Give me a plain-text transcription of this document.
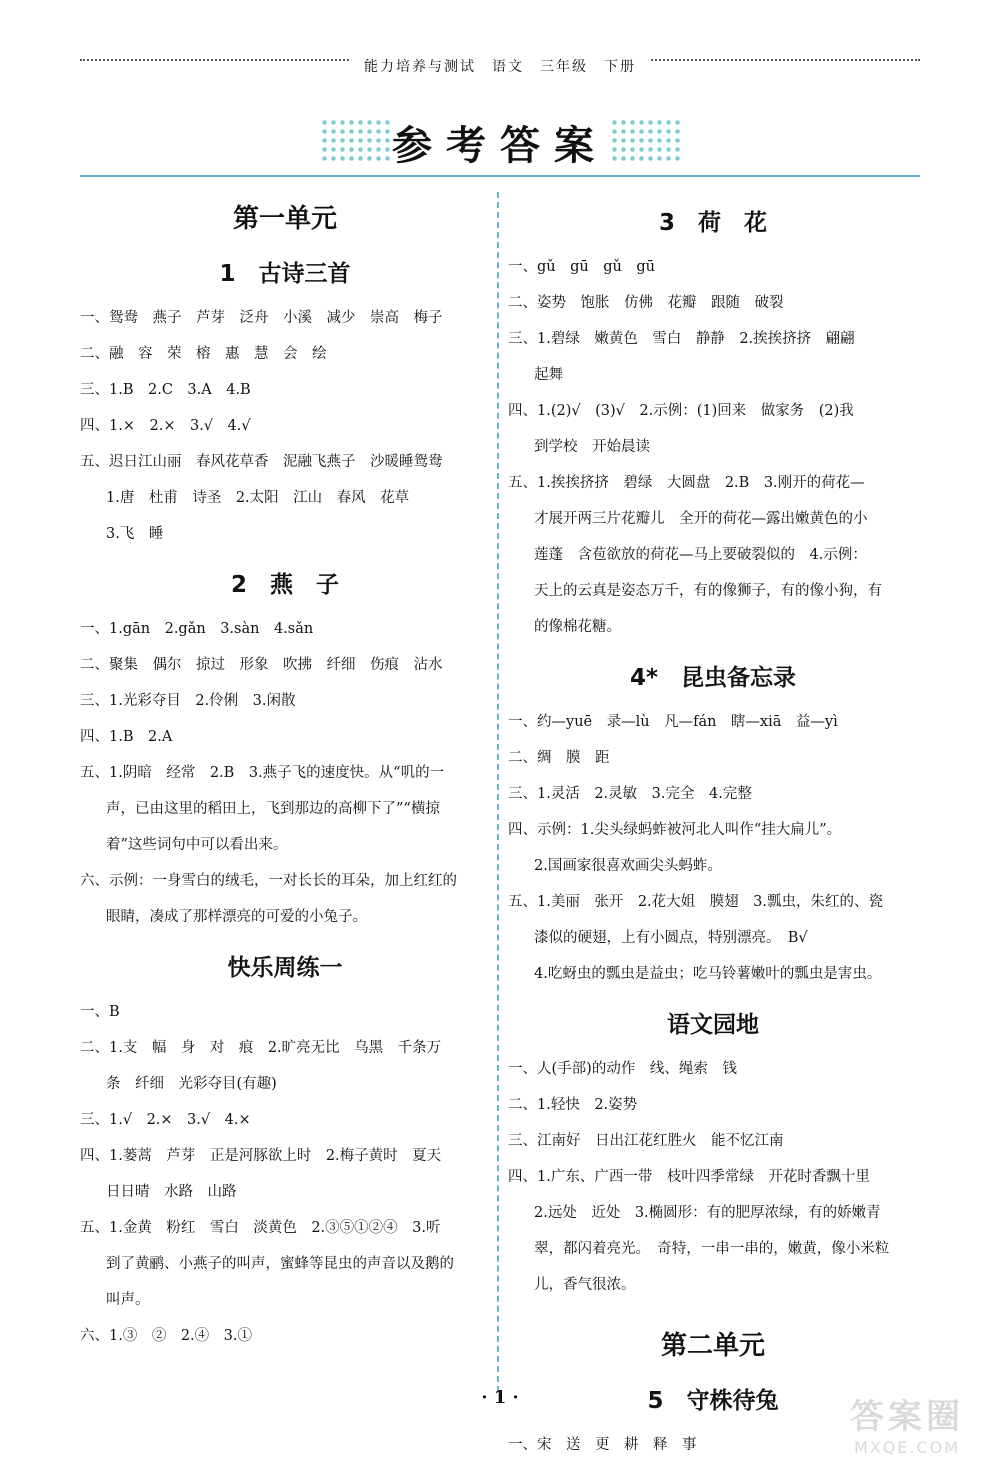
能力培养与测试　语文　三年级　下册
参考答案
第一单元
1　古诗三首
一、鸳鸯　燕子　芦芽　泛舟　小溪　减少　崇高　梅子
二、融　容　荣　榕　惠　慧　会　绘
三、1.B　2.C　3.A　4.B
四、1.×　2.×　3.√　4.√
五、迟日江山丽　春风花草香　泥融飞燕子　沙暖睡鸳鸯
1.唐　杜甫　诗圣　2.太阳　江山　春风　花草
3.飞　睡
2　燕　子
一、1.gān　2.gǎn　3.sàn　4.sǎn
二、聚集　偶尔　掠过　形象　吹拂　纤细　伤痕　沾水
三、1.光彩夺目　2.伶俐　3.闲散
四、1.B　2.A
五、1.阴暗　经常　2.B　3.燕子飞的速度快。从“叽的一
声，已由这里的稻田上，飞到那边的高柳下了”“横掠
着”这些词句中可以看出来。
六、示例：一身雪白的绒毛，一对长长的耳朵，加上红红的
眼睛，凑成了那样漂亮的可爱的小兔子。
快乐周练一
一、B
二、1.支　幅　身　对　痕　2.旷亮无比　乌黑　千条万
条　纤细　光彩夺目(有趣)
三、1.√　2.×　3.√　4.×
四、1.蒌蒿　芦芽　正是河豚欲上时　2.梅子黄时　夏天
日日晴　水路　山路
五、1.金黄　粉红　雪白　淡黄色　2.③⑤①②④　3.听
到了黄鹂、小燕子的叫声，蜜蜂等昆虫的声音以及鹅的
叫声。
六、1.③　②　2.④　3.①
3　荷　花
一、gǔ　gū　gǔ　gū
二、姿势　饱胀　仿佛　花瓣　跟随　破裂
三、1.碧绿　嫩黄色　雪白　静静　2.挨挨挤挤　翩翩
起舞
四、1.(2)√　(3)√　2.示例：(1)回来　做家务　(2)我
到学校　开始晨读
五、1.挨挨挤挤　碧绿　大圆盘　2.B　3.刚开的荷花—
才展开两三片花瓣儿　全开的荷花—露出嫩黄色的小
莲蓬　含苞欲放的荷花—马上要破裂似的　4.示例：
天上的云真是姿态万千，有的像狮子，有的像小狗，有
的像棉花糖。
4*　昆虫备忘录
一、约—yuē　录—lù　凡—fán　瞎—xiā　益—yì
二、绸　膜　距
三、1.灵活　2.灵敏　3.完全　4.完整
四、示例：1.尖头绿蚂蚱被河北人叫作“挂大扁儿”。
2.国画家很喜欢画尖头蚂蚱。
五、1.美丽　张开　2.花大姐　膜翅　3.瓢虫，朱红的、瓷
漆似的硬翅，上有小圆点，特别漂亮。　B√
4.吃蚜虫的瓢虫是益虫；吃马铃薯嫩叶的瓢虫是害虫。
语文园地
一、人(手部)的动作　线、绳索　钱
二、1.轻快　2.姿势
三、江南好　日出江花红胜火　能不忆江南
四、1.广东、广西一带　枝叶四季常绿　开花时香飘十里
2.远处　近处　3.椭圆形：有的肥厚浓绿，有的娇嫩青
翠，都闪着亮光。　奇特，一串一串的，嫩黄，像小米粒
儿，香气很浓。
第二单元
5　守株待兔
一、宋　送　更　耕　释　事
· 1 ·	答案圈
MXQE.COM
